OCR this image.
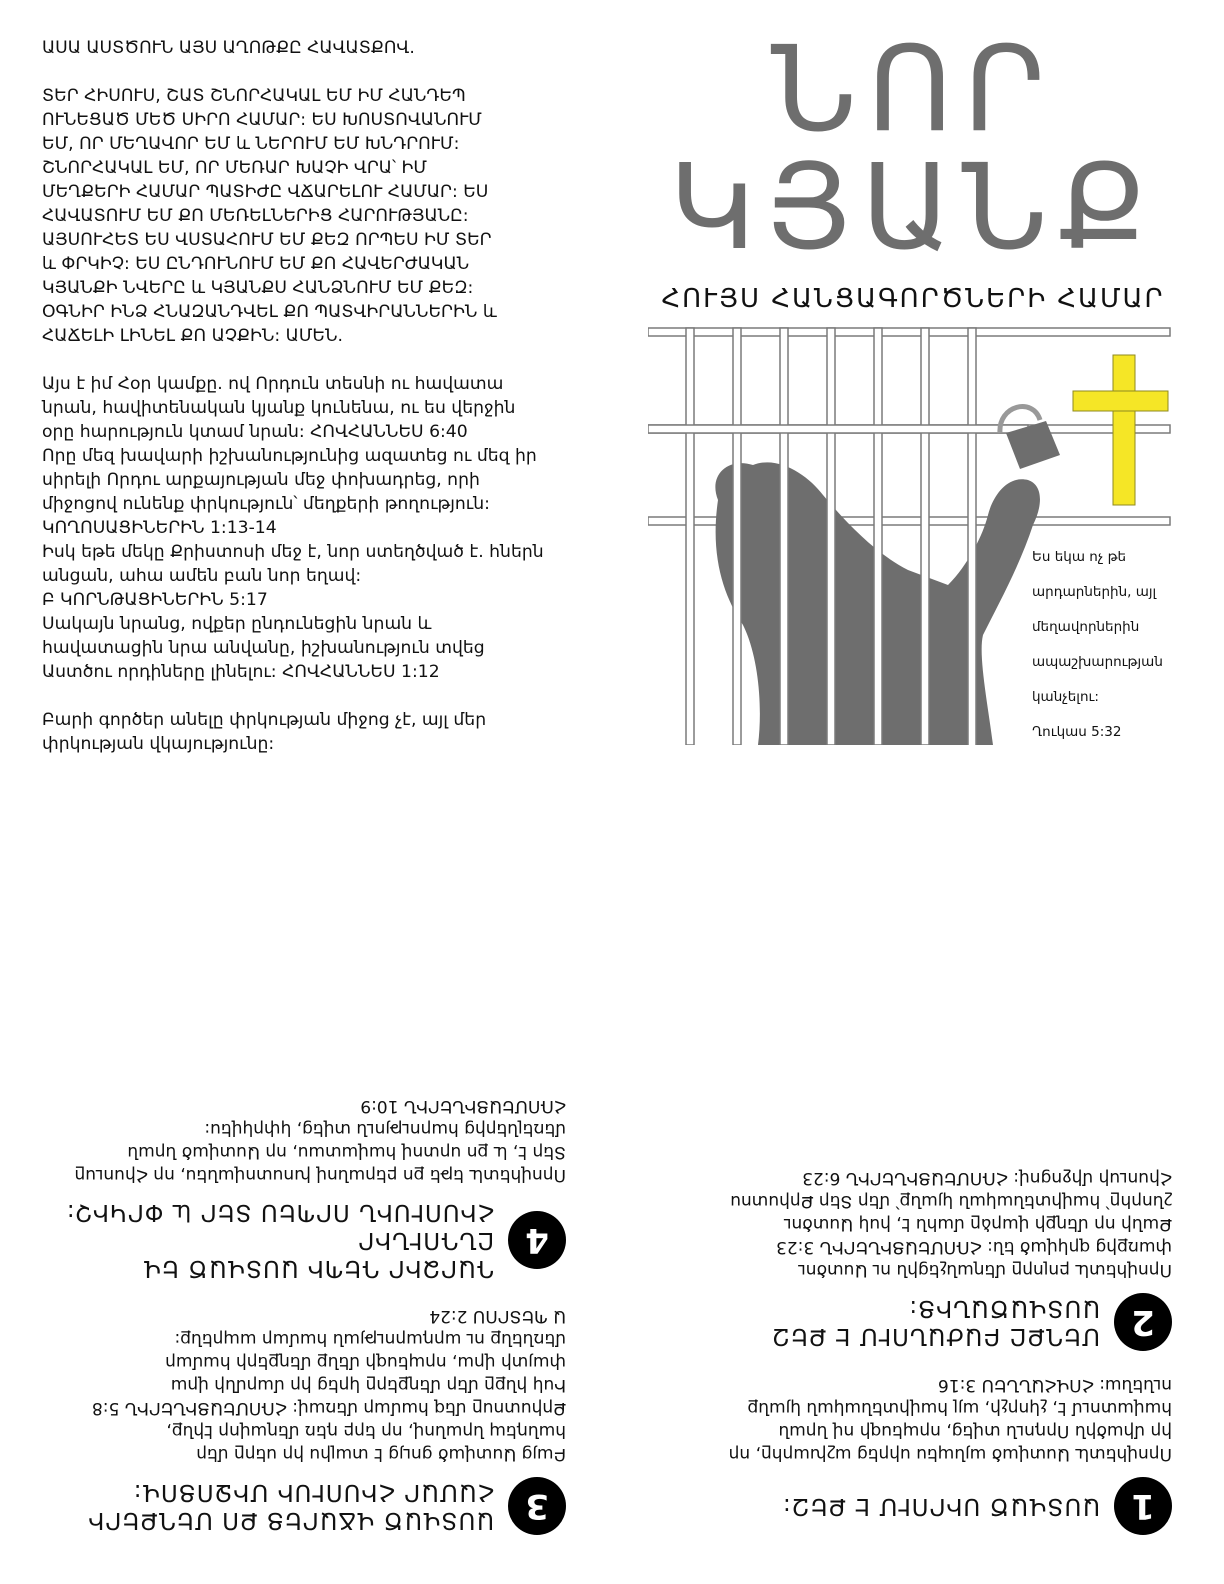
ԱՍԱ ԱՍՏԾՈՒՆ ԱՅՍ ԱՂՈԹՔԸ ՀԱՎԱՏՔՈՎ.

ՏԵՐ ՀԻՍՈՒՍ, ՇԱՏ ՇՆՈՐՀԱԿԱԼ ԵՄ ԻՄ ՀԱՆԴԵՊ
ՈՒՆԵՑԱԾ ՄԵԾ ՍԻՐՈ ՀԱՄԱՐ: ԵՍ ԽՈՍՏՈՎԱՆՈՒՄ
ԵՄ, ՈՐ ՄԵՂԱՎՈՐ ԵՄ և ՆԵՐՈՒՄ ԵՄ ԽՆԴՐՈՒՄ:
ՇՆՈՐՀԱԿԱԼ ԵՄ, ՈՐ ՄԵՌԱՐ ԽԱՉԻ ՎՐԱ՝ ԻՄ
ՄԵՂՔԵՐԻ ՀԱՄԱՐ ՊԱՏԻԺԸ ՎՃԱՐԵԼՈՒ ՀԱՄԱՐ: ԵՍ
ՀԱՎԱՏՈՒՄ ԵՄ ՔՈ ՄԵՌԵԼՆԵՐԻՑ ՀԱՐՈՒԹՅԱՆԸ:
ԱՅՍՈՒՀԵՏ ԵՍ ՎՍՏԱՀՈՒՄ ԵՄ ՔԵԶ ՈՐՊԵՍ ԻՄ ՏԵՐ
և ՓՐԿԻՉ: ԵՍ ԸՆԴՈՒՆՈՒՄ ԵՄ ՔՈ ՀԱՎԵՐԺԱԿԱՆ
ԿՅԱՆՔԻ ՆՎԵՐԸ և ԿՅԱՆՔՍ ՀԱՆՁՆՈՒՄ ԵՄ ՔԵԶ:
ՕԳՆԻՐ ԻՆՁ ՀՆԱԶԱՆԴՎԵԼ ՔՈ ՊԱՏՎԻՐԱՆՆԵՐԻՆ և
ՀԱՃԵԼԻ ԼԻՆԵԼ ՔՈ ԱՉՔԻՆ: ԱՄԵՆ.

Այս է իմ Հօր կամքը. ով Որդուն տեսնի ու հավատա
նրան, հավիտենական կյանք կունենա, ու ես վերջին
օրը հարություն կտամ նրան: ՀՈՎՀԱՆՆԵՍ 6:40
Որը մեզ խավարի իշխանությունից ազատեց ու մեզ իր
սիրելի Որդու արքայության մեջ փոխադրեց, որի
միջոցով ունենք փրկություն՝ մեղքերի թողություն:
ԿՈՂՈՍԱՑԻՆԵՐԻՆ 1:13-14
Իսկ եթե մեկը Քրիստոսի մեջ է, նոր ստեղծված է. հներն
անցան, ահա ամեն բան նոր եղավ:
Բ ԿՈՐՆԹԱՑԻՆԵՐԻՆ 5:17
Սակայն նրանց, ովքեր ընդունեցին նրան և
հավատացին նրա անվանը, իշխանություն տվեց
Աստծու որդիները լինելու: ՀՈՎՀԱՆՆԵՍ 1:12

Բարի գործեր անելը փրկության միջոց չէ, այլ մեր
փրկության վկայությունը:

ՆՈՐ
ԿՅԱՆՔ
ՀՈՒՅՍ ՀԱՆՑԱԳՈՐԾՆԵՐԻ ՀԱՄԱՐ
Ես եկա ոչ թե
արդարներին, այլ
մեղավորներին
ապաշխարության
կանչելու:
Ղուկաս 5:32
3
ԱՍՏՎԱԾ ՎՃԱՐԵՑ ՔՈ ՄԵՂՔԵՐԻ
ՀԱՄԱՐ ՀԻՍՈՒՍԻ ՄԻՋՈՑՈՎ:
Բայց Աստված ցույց է տալիս իր սերը մեր
հանդեպ նրանով, որ երբ դեռ մեղավոր էինք,
Քրիստոսը մեզ համար մեռավ: ՀՌՈՄԵԱՑԻՆԵՐԻՆ 5:8
Իսկ ինքը մեր մեղքերը կրեց իր մարմնի վրա
փայտի վրա, որպեսզի մենք մեղքերի համար
մեռնենք ու արդարության համար ապրենք:
Ա ՊԵՏՐՈՍ 2:24
4
ԴԱՐՁԻՐ ԴԵՊԻ ԱՍՏՎԱԾ ԵՎ ԸՆԴՈՒՆԻՐ
ՀԻՍՈՒՍԻՆ ՈՐՊԵՍ ՏԵՐ և ՓՐԿԻՉ:
Որովհետև եթե քո բերանով խոստովանես, որ Հիսուսը
Տեր է, և քո սրտով հավատաս, որ Աստված նրան
մեռելներից հարություն տվեց, կփրկվես: ՀՌՈՄԵԱՑԻՆԵՐԻՆ 10:9
1
ԱՍՏՎԱԾ ՍԻՐՈՒՄ Է ՔԵԶ:
Որովհետև Աստված այնպես սիրեց աշխարհը, որ
իր միածին Որդուն տվեց, որպեսզի ով նրան
հավատում է, չկորչի, այլ հավիտենական կյանք
ունենա: ՀՈՎՀԱՆՆԵՍ 3:16
2
ՄԵՂՔԸ ԲԱԺԱՆՈՒՄ Է ՔԵԶ
ԱՍՏՎԱԾԱՆԻՑ:
Որովհետև բոլորը մեղանչեցին ու Աստծու
փառքից զրկված են: ՀՌՈՄԵԱՑԻՆԵՐԻՆ 3:23
Քանի որ մեղքի վարձը մահն է, իսկ Աստծու
շնորհը՝ հավիտենական կյանք՝ մեր Տեր Քրիստոս
Հիսուսի միջոցով: ՀՌՈՄԵԱՑԻՆԵՐԻՆ 6:23
